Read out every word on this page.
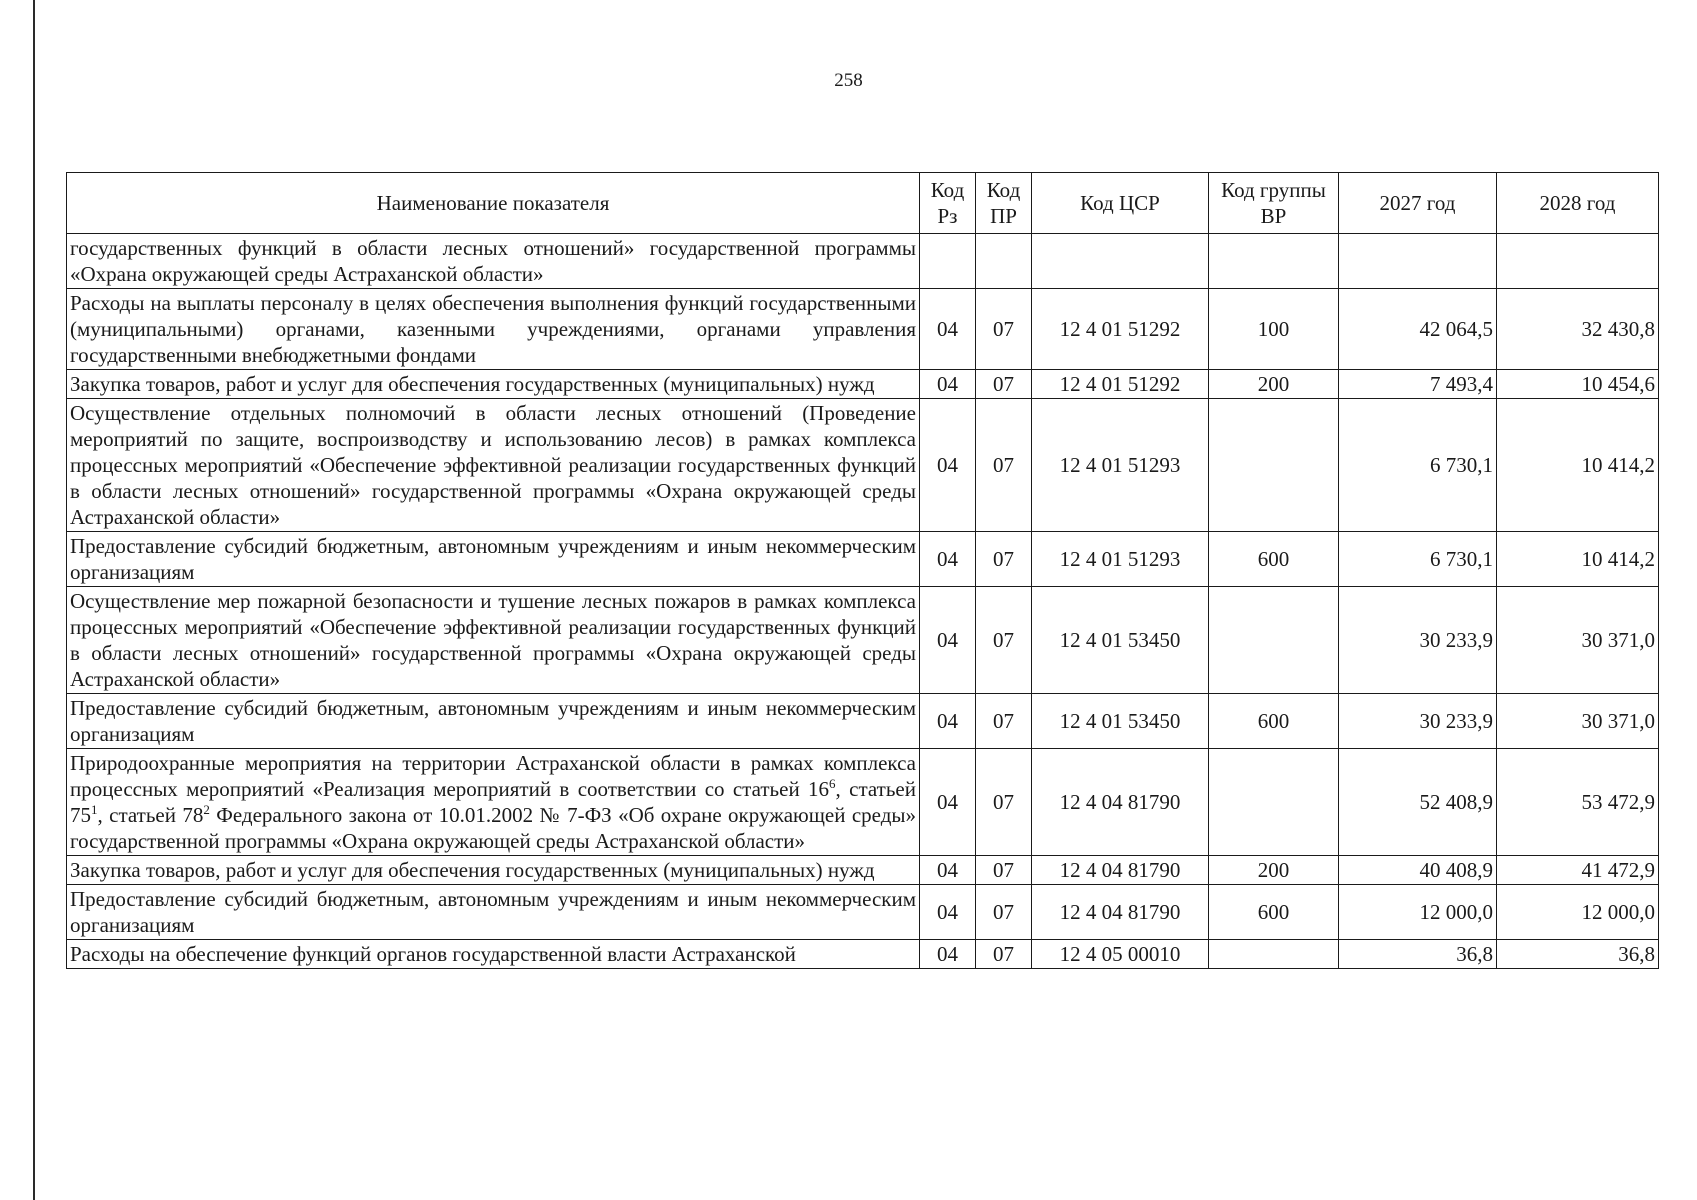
258
Наименование показателя	Код Рз	Код ПР	Код ЦСР	Код группы ВР	2027 год	2028 год
государственных функций в области лесных отношений» государственной программы «Охрана окружающей среды Астраханской области»						
Расходы на выплаты персоналу в целях обеспечения выполнения функций государственными (муниципальными) органами, казенными учреждениями, органами управления государственными внебюджетными фондами	04	07	12 4 01 51292	100	42 064,5	32 430,8
Закупка товаров, работ и услуг для обеспечения государственных (муниципальных) нужд	04	07	12 4 01 51292	200	7 493,4	10 454,6
Осуществление отдельных полномочий в области лесных отношений (Проведение мероприятий по защите, воспроизводству и использованию лесов) в рамках комплекса процессных мероприятий «Обеспечение эффективной реализации государственных функций в области лесных отношений» государственной программы «Охрана окружающей среды Астраханской области»	04	07	12 4 01 51293		6 730,1	10 414,2
Предоставление субсидий бюджетным, автономным учреждениям и иным некоммерческим организациям	04	07	12 4 01 51293	600	6 730,1	10 414,2
Осуществление мер пожарной безопасности и тушение лесных пожаров в рамках комплекса процессных мероприятий «Обеспечение эффективной реализации государственных функций в области лесных отношений» государственной программы «Охрана окружающей среды Астраханской области»	04	07	12 4 01 53450		30 233,9	30 371,0
Предоставление субсидий бюджетным, автономным учреждениям и иным некоммерческим организациям	04	07	12 4 01 53450	600	30 233,9	30 371,0
Природоохранные мероприятия на территории Астраханской области в рамках комплекса процессных мероприятий «Реализация мероприятий в соответствии со статьей $16^6$, статьей $75^1$, статьей $78^2$ Федерального закона от 10.01.2002 № 7-ФЗ «Об охране окружающей среды» государственной программы «Охрана окружающей среды Астраханской области»	04	07	12 4 04 81790		52 408,9	53 472,9
Закупка товаров, работ и услуг для обеспечения государственных (муниципальных) нужд	04	07	12 4 04 81790	200	40 408,9	41 472,9
Предоставление субсидий бюджетным, автономным учреждениям и иным некоммерческим организациям	04	07	12 4 04 81790	600	12 000,0	12 000,0
Расходы на обеспечение функций органов государственной власти Астраханской	04	07	12 4 05 00010		36,8	36,8
